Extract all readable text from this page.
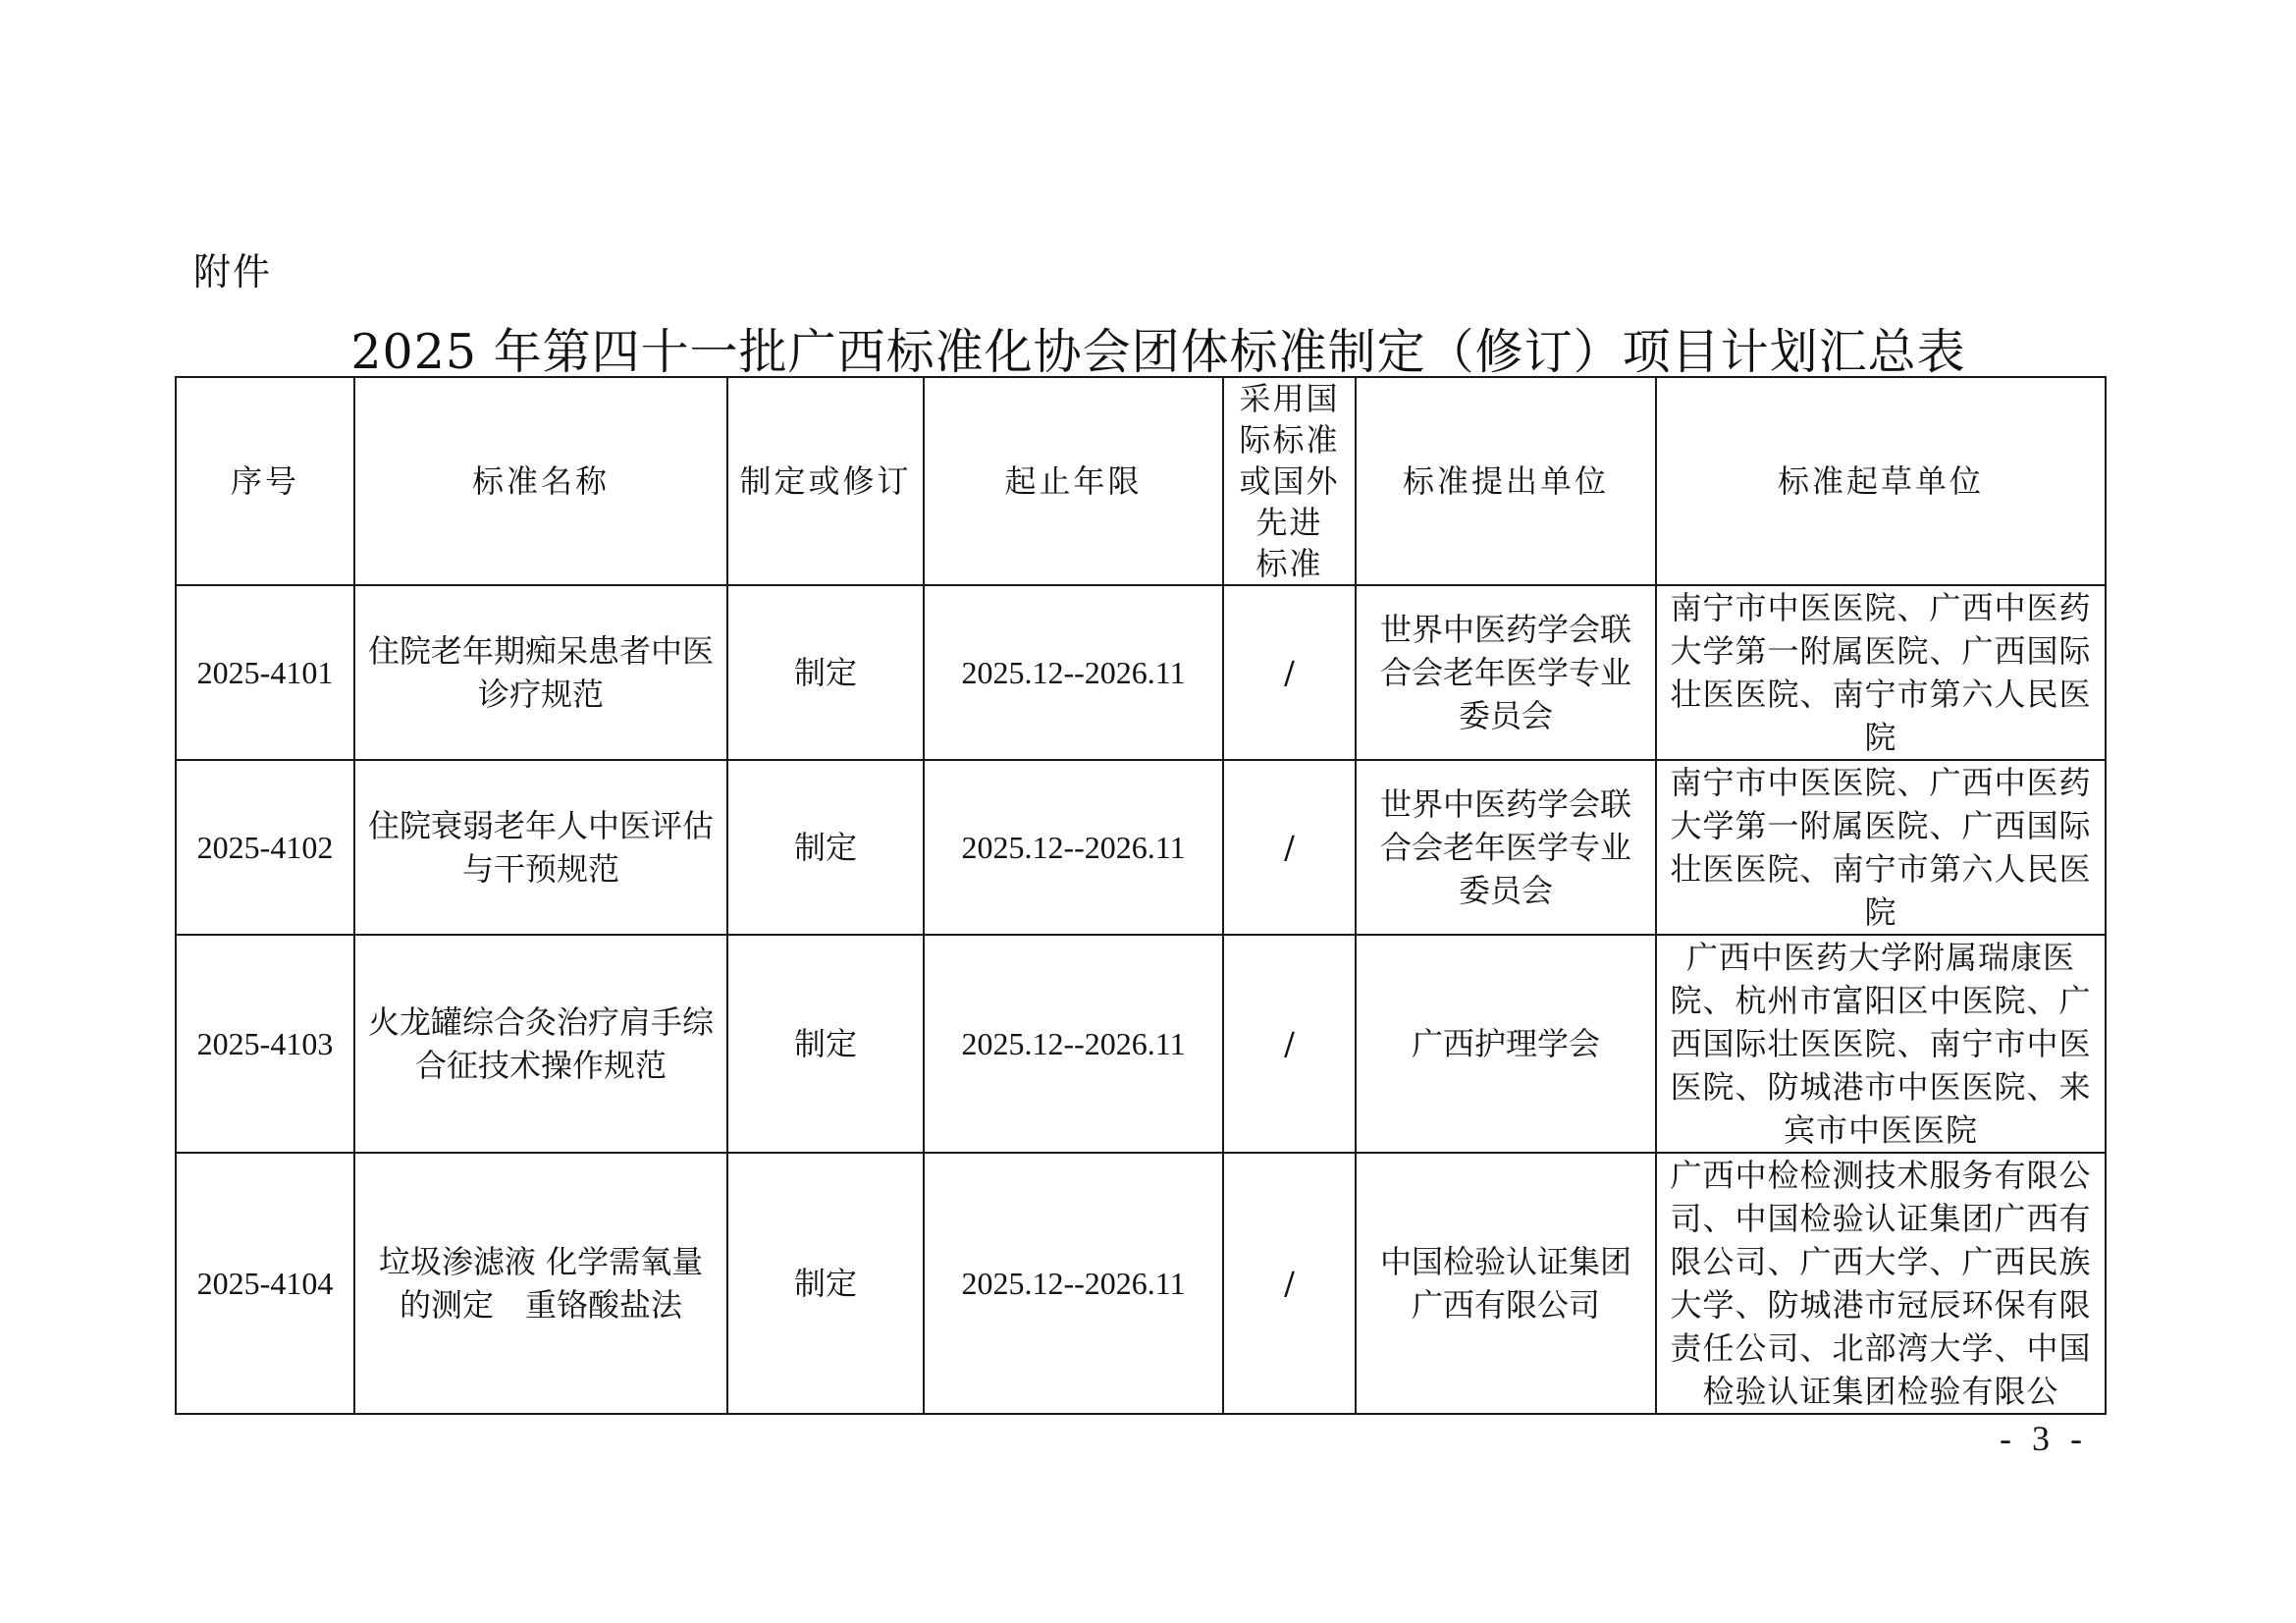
附件
2025 年第四十一批广西标准化协会团体标准制定（修订）项目计划汇总表
序号	标准名称	制定或修订	起止年限	采用国
际标准
或国外
先进
标准	标准提出单位	标准起草单位
2025-4101	住院老年期痴呆患者中医诊疗规范	制定	2025.12--2026.11	/	世界中医药学会联合会老年医学专业委员会	南宁市中医医院、广西中医药大学第一附属医院、广西国际壮医医院、南宁市第六人民医院
2025-4102	住院衰弱老年人中医评估与干预规范	制定	2025.12--2026.11	/	世界中医药学会联合会老年医学专业委员会	南宁市中医医院、广西中医药大学第一附属医院、广西国际壮医医院、南宁市第六人民医院
2025-4103	火龙罐综合灸治疗肩手综合征技术操作规范	制定	2025.12--2026.11	/	广西护理学会	广西中医药大学附属瑞康医院、杭州市富阳区中医院、广西国际壮医医院、南宁市中医医院、防城港市中医医院、来宾市中医医院
2025-4104	垃圾渗滤液 化学需氧量的测定　重铬酸盐法	制定	2025.12--2026.11	/	中国检验认证集团广西有限公司	广西中检检测技术服务有限公司、中国检验认证集团广西有限公司、广西大学、广西民族大学、防城港市冠辰环保有限责任公司、北部湾大学、中国检验认证集团检验有限公
- 3 -
